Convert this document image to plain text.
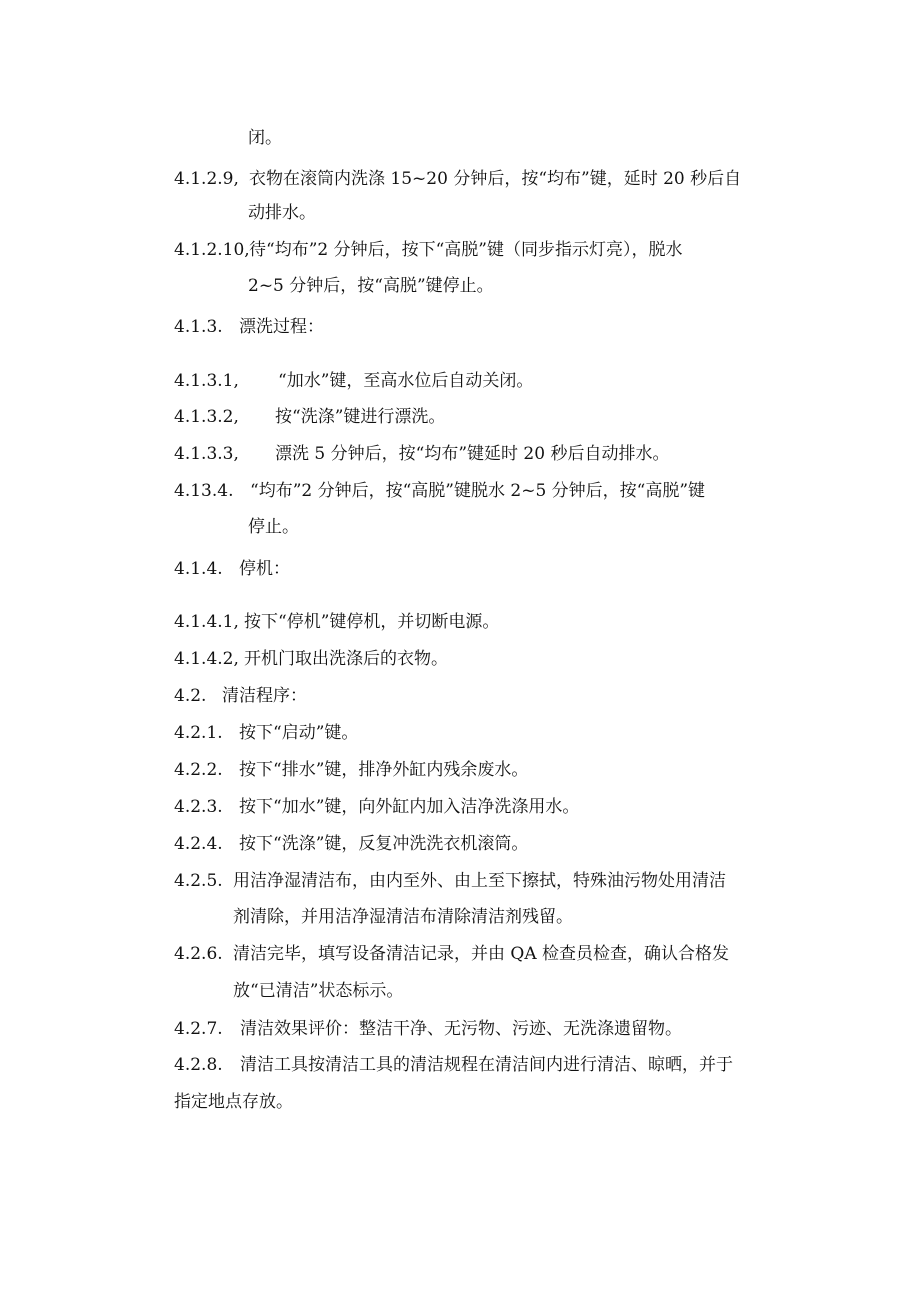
闭。
4.1.2.9, 衣物在滚筒内洗涤 15~20 分钟后，按“均布”键，延时 20 秒后自
动排水。
4.1.2.10, 待“均布”2 分钟后，按下“高脱”键（同步指示灯亮），脱水
2~5 分钟后，按“高脱”键停止。
4.1.3. 漂洗过程：
4.1.3.1, “加水”键，至高水位后自动关闭。
4.1.3.2, 按“洗涤”键进行漂洗。
4.1.3.3, 漂洗 5 分钟后，按“均布”键延时 20 秒后自动排水。
4.13.4. “均布”2 分钟后，按“高脱”键脱水 2~5 分钟后，按“高脱”键
停止。
4.1.4. 停机：
4.1.4.1, 按下“停机”键停机，并切断电源。
4.1.4.2, 开机门取出洗涤后的衣物。
4.2. 清洁程序：
4.2.1. 按下“启动”键。
4.2.2. 按下“排水”键，排净外缸内残余废水。
4.2.3. 按下“加水”键，向外缸内加入洁净洗涤用水。
4.2.4. 按下“洗涤”键，反复冲洗洗衣机滚筒。
4.2.5. 用洁净湿清洁布，由内至外、由上至下擦拭，特殊油污物处用清洁
剂清除，并用洁净湿清洁布清除清洁剂残留。
4.2.6. 清洁完毕，填写设备清洁记录，并由 QA 检查员检查，确认合格发
放“已清洁”状态标示。
4.2.7. 清洁效果评价：整洁干净、无污物、污迹、无洗涤遗留物。
4.2.8. 清洁工具按清洁工具的清洁规程在清洁间内进行清洁、晾晒，并于
指定地点存放。
